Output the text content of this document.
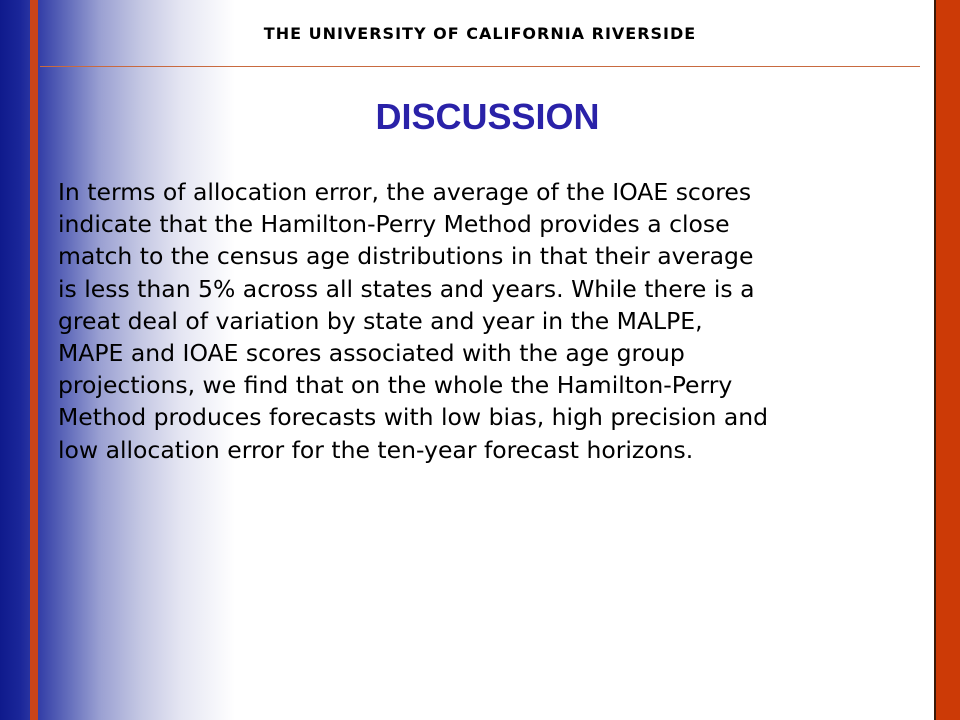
THE UNIVERSITY OF CALIFORNIA RIVERSIDE
DISCUSSION
In terms of allocation error, the average of the IOAE scores
indicate that the Hamilton-Perry Method provides a close
match to the census age distributions in that their average
is less than 5% across all states and years. While there is a
great deal of variation by state and year in the MALPE,
MAPE and IOAE scores associated with the age group
projections, we find that on the whole the Hamilton-Perry
Method produces forecasts with low bias, high precision and
low allocation error for the ten-year forecast horizons.
